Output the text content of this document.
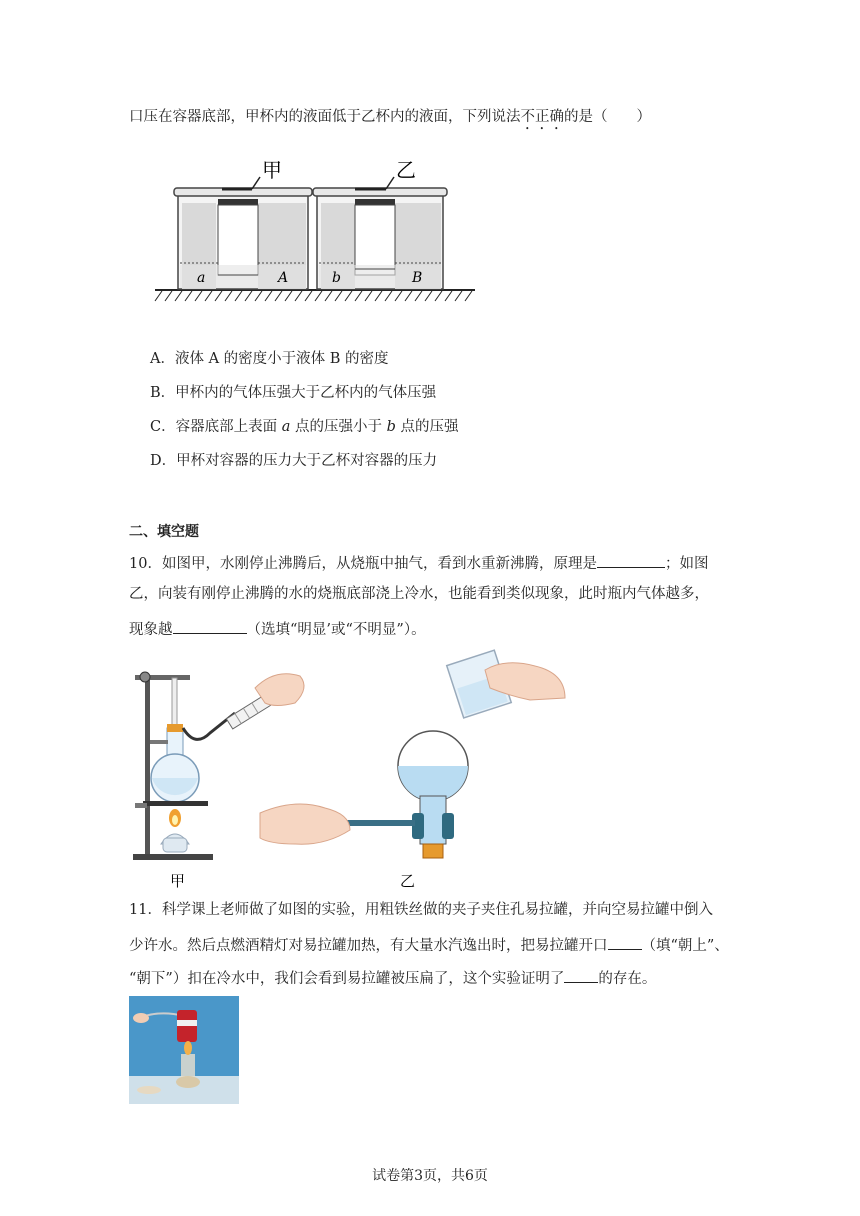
口压在容器底部，甲杯内的液面低于乙杯内的液面，下列说法不正确的是（　　）
a	A
甲
b	B
乙
A．液体 A 的密度小于液体 B 的密度
B．甲杯内的气体压强大于乙杯内的气体压强
C．容器底部上表面 a 点的压强小于 b 点的压强
D．甲杯对容器的压力大于乙杯对容器的压力
二、填空题
10．如图甲，水刚停止沸腾后，从烧瓶中抽气，看到水重新沸腾，原理是	；如图
乙，向装有刚停止沸腾的水的烧瓶底部浇上冷水，也能看到类似现象，此时瓶内气体越多，
现象越	（选填“明显’或“不明显”）。
甲	乙
11．科学课上老师做了如图的实验，用粗铁丝做的夹子夹住孔易拉罐，并向空易拉罐中倒入
少许水。然后点燃酒精灯对易拉罐加热，有大量水汽逸出时，把易拉罐开口 （填“朝上”、
“朝下”）扣在冷水中，我们会看到易拉罐被压扁了，这个实验证明了 的存在。
试卷第3页，共6页
